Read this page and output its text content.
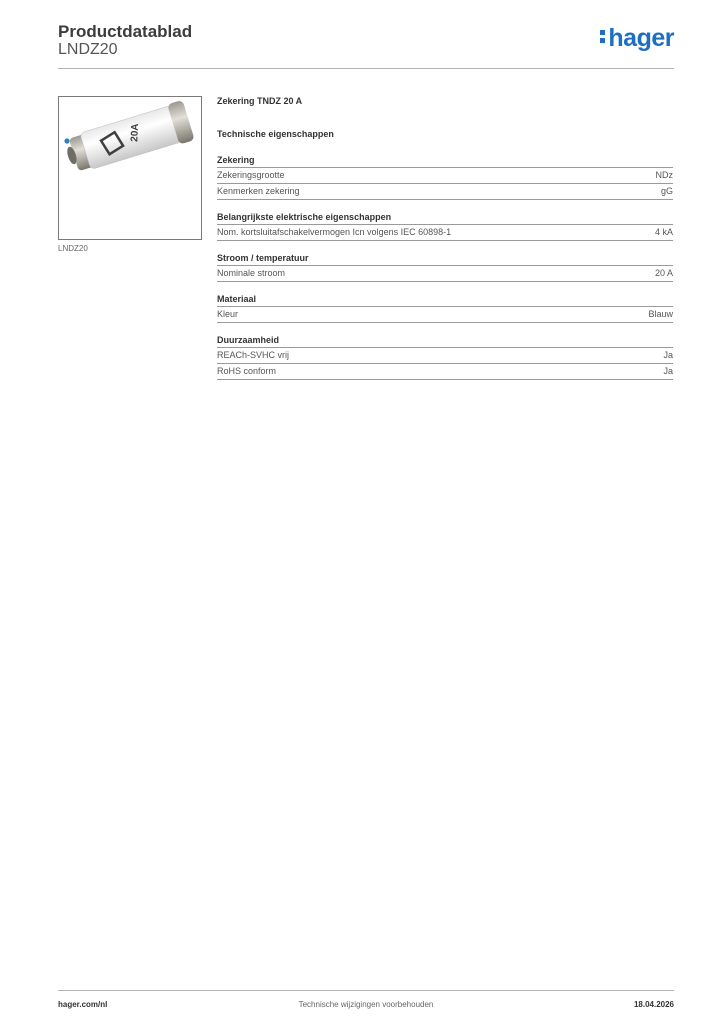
Productdatablad
LNDZ20	hager
20A
LNDZ20
Zekering TNDZ 20 A
Technische eigenschappen
Zekering
Zekeringsgrootte	NDz
Kenmerken zekering	gG
Belangrijkste elektrische eigenschappen
Nom. kortsluitafschakelvermogen Icn volgens IEC 60898-1	4 kA
Stroom / temperatuur
Nominale stroom	20 A
Materiaal
Kleur	Blauw
Duurzaamheid
REACh-SVHC vrij	Ja
RoHS conform	Ja
hager.com/nl	Technische wijzigingen voorbehouden	18.04.2026
